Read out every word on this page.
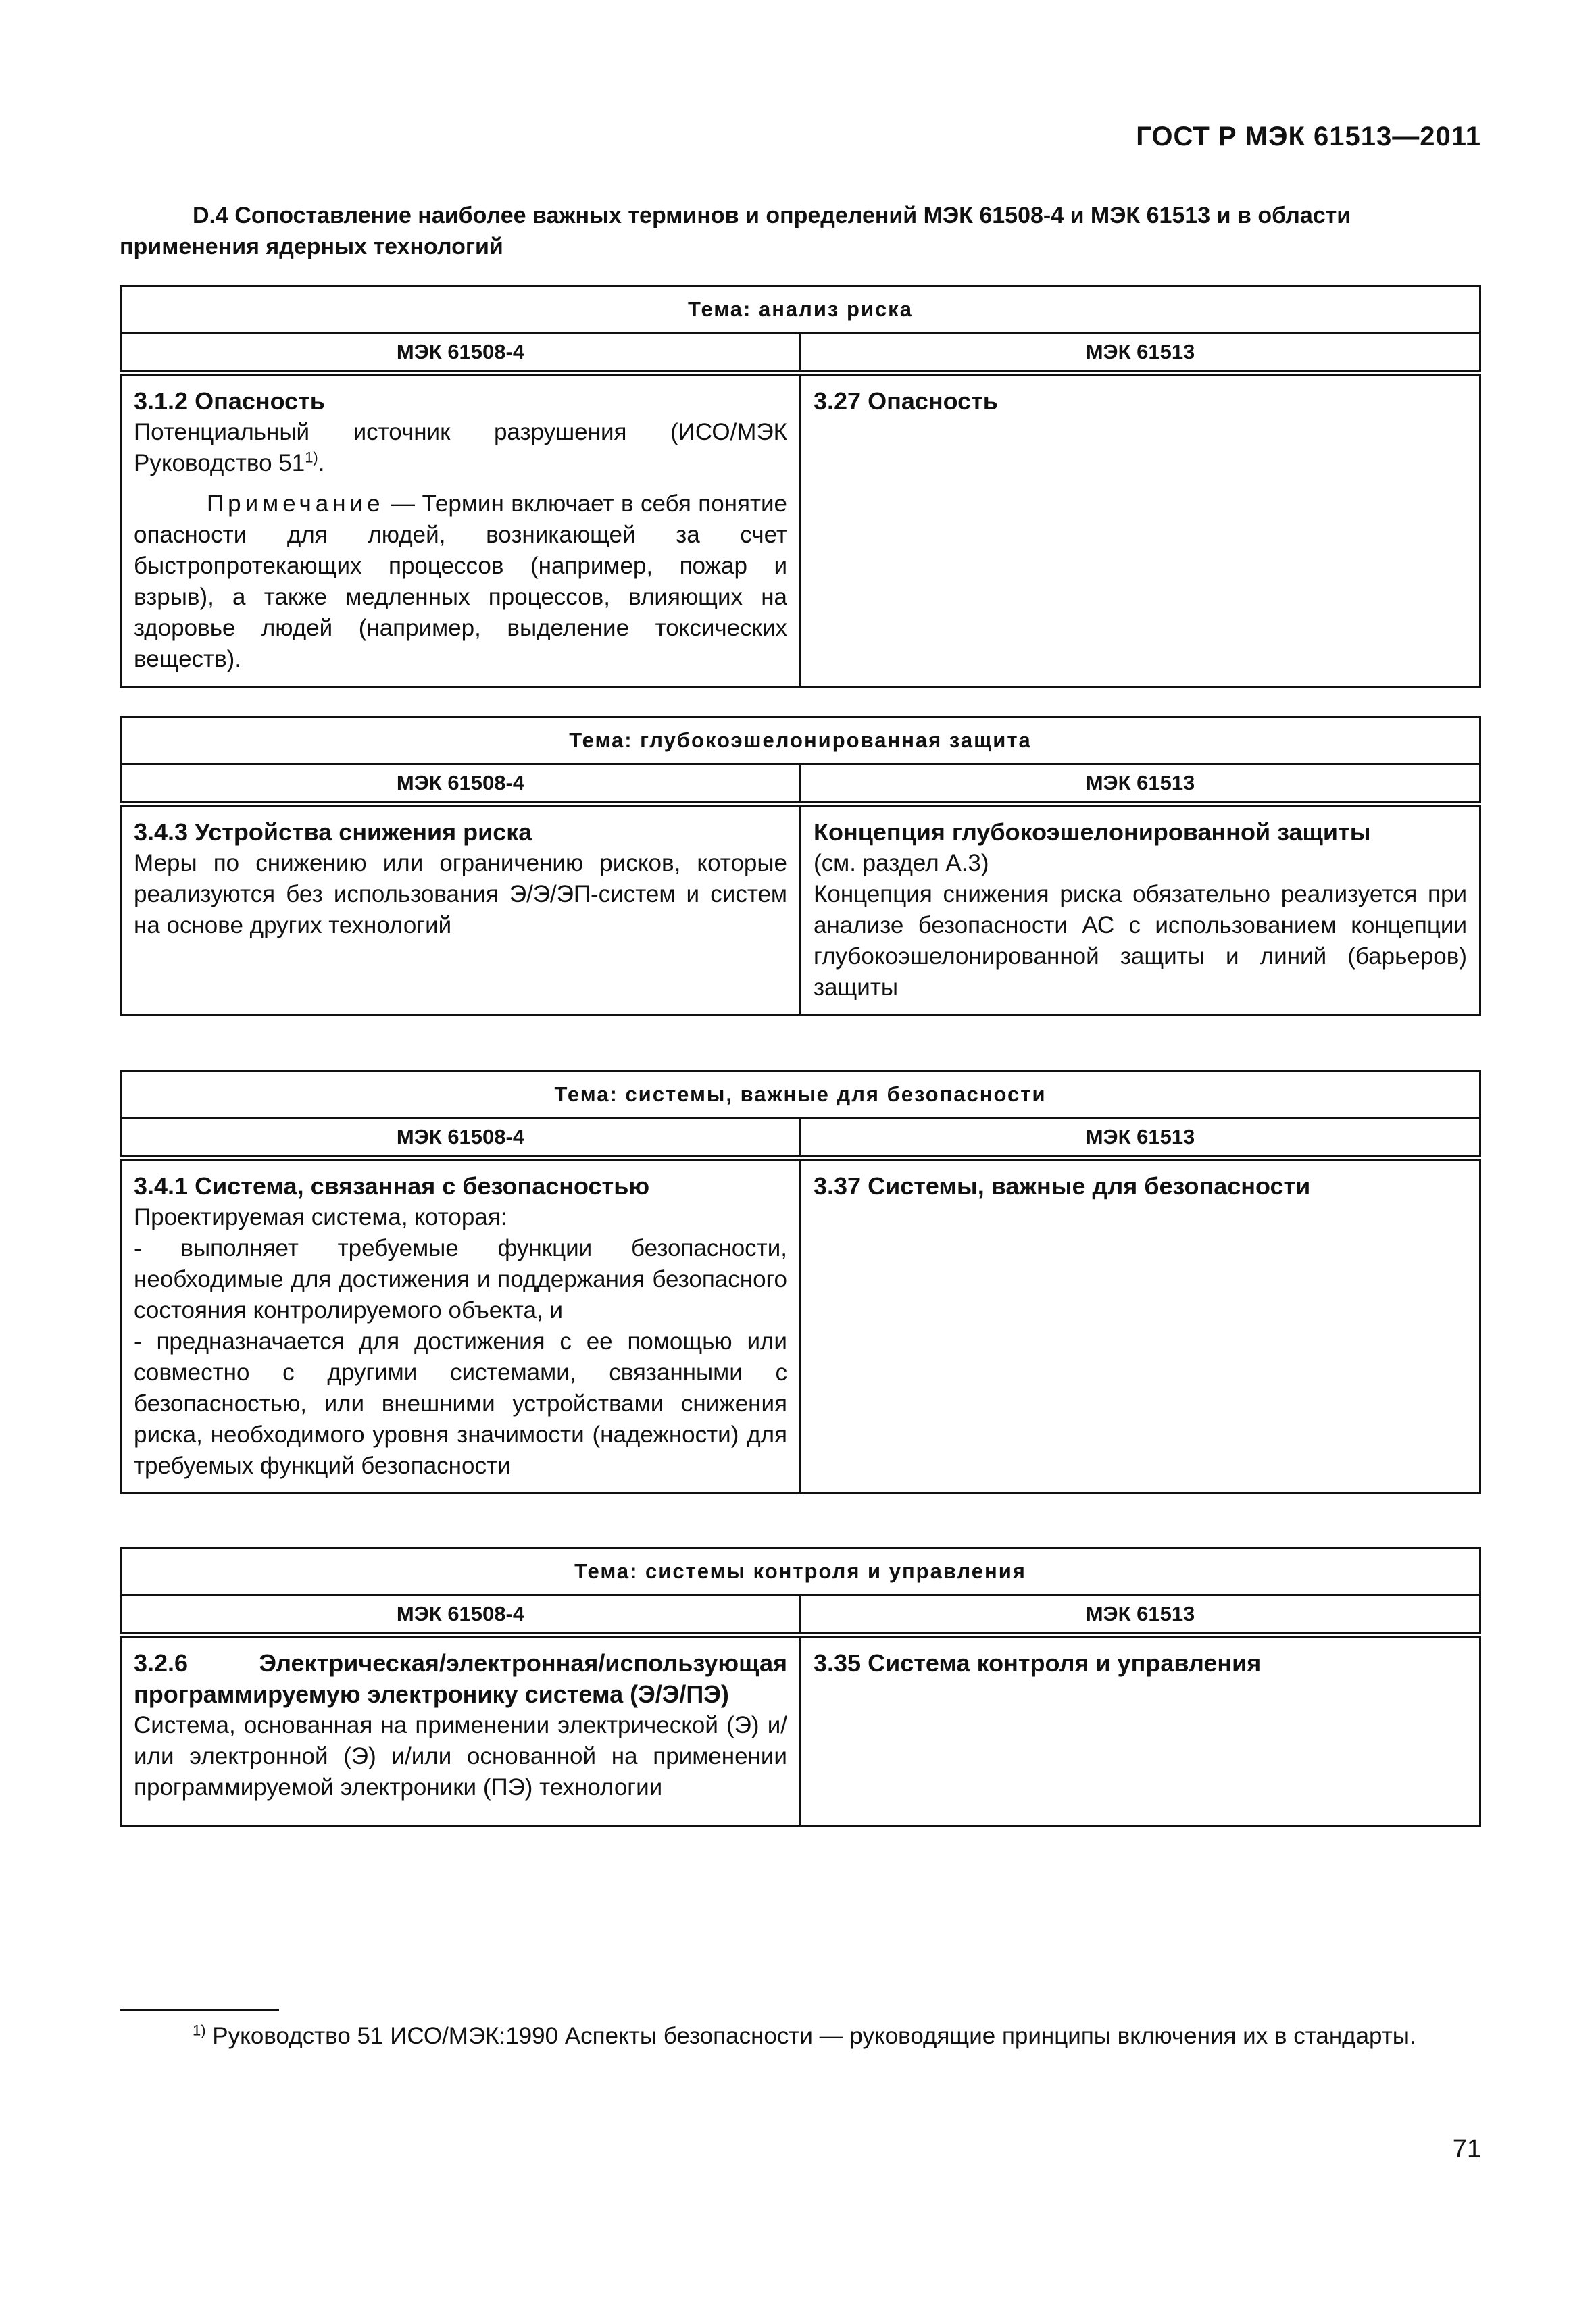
ГОСТ Р МЭК 61513—2011
D.4 Сопоставление наиболее важных терминов и определений МЭК 61508-4 и МЭК 61513 и в области
применения ядерных технологий
Тема: анализ риска	
МЭК 61508-4	МЭК 61513

3.1.2 Опасность
Потенциальный источник разрушения (ИСО/МЭК Руководство 51$^{1)}$.
Примечание — Термин включает в себя понятие опасности для людей, возникающей за счет быстропротекающих процессов (например, пожар и взрыв), а также медленных процессов, влияющих на здоровье людей (например, выделение токсических веществ).	3.27 Опасность
Тема: глубокоэшелонированная защита	
МЭК 61508-4	МЭК 61513

3.4.3 Устройства снижения риска
Меры по снижению или ограничению рисков, которые реализуются без использования Э/Э/ЭП-систем и систем на основе других технологий	Концепция глубокоэшелонированной защиты
(см. раздел А.3)
Концепция снижения риска обязательно реализуется при анализе безопасности АС с использованием концепции глубокоэшелонированной защиты и линий (барьеров) защиты
Тема: системы, важные для безопасности	
МЭК 61508-4	МЭК 61513

3.4.1 Система, связанная с безопасностью
Проектируемая система, которая:
- выполняет требуемые функции безопасности, необходимые для достижения и поддержания безопасного состояния контролируемого объекта, и
- предназначается для достижения с ее помощью или совместно с другими системами, связанными с безопасностью, или внешними устройствами снижения риска, необходимого уровня значимости (надежности) для требуемых функций безопасности	3.37 Системы, важные для безопасности
Тема: системы контроля и управления	
МЭК 61508-4	МЭК 61513

3.2.6 Электрическая/электронная/использующая программируемую электронику система (Э/Э/ПЭ)
Система, основанная на применении электрической (Э) и/или электронной (Э) и/или основанной на применении программируемой электроники (ПЭ) технологии	3.35 Система контроля и управления
$^{1)}$ Руководство 51 ИСО/МЭК:1990 Аспекты безопасности — руководящие принципы включения их в стандарты.
71
